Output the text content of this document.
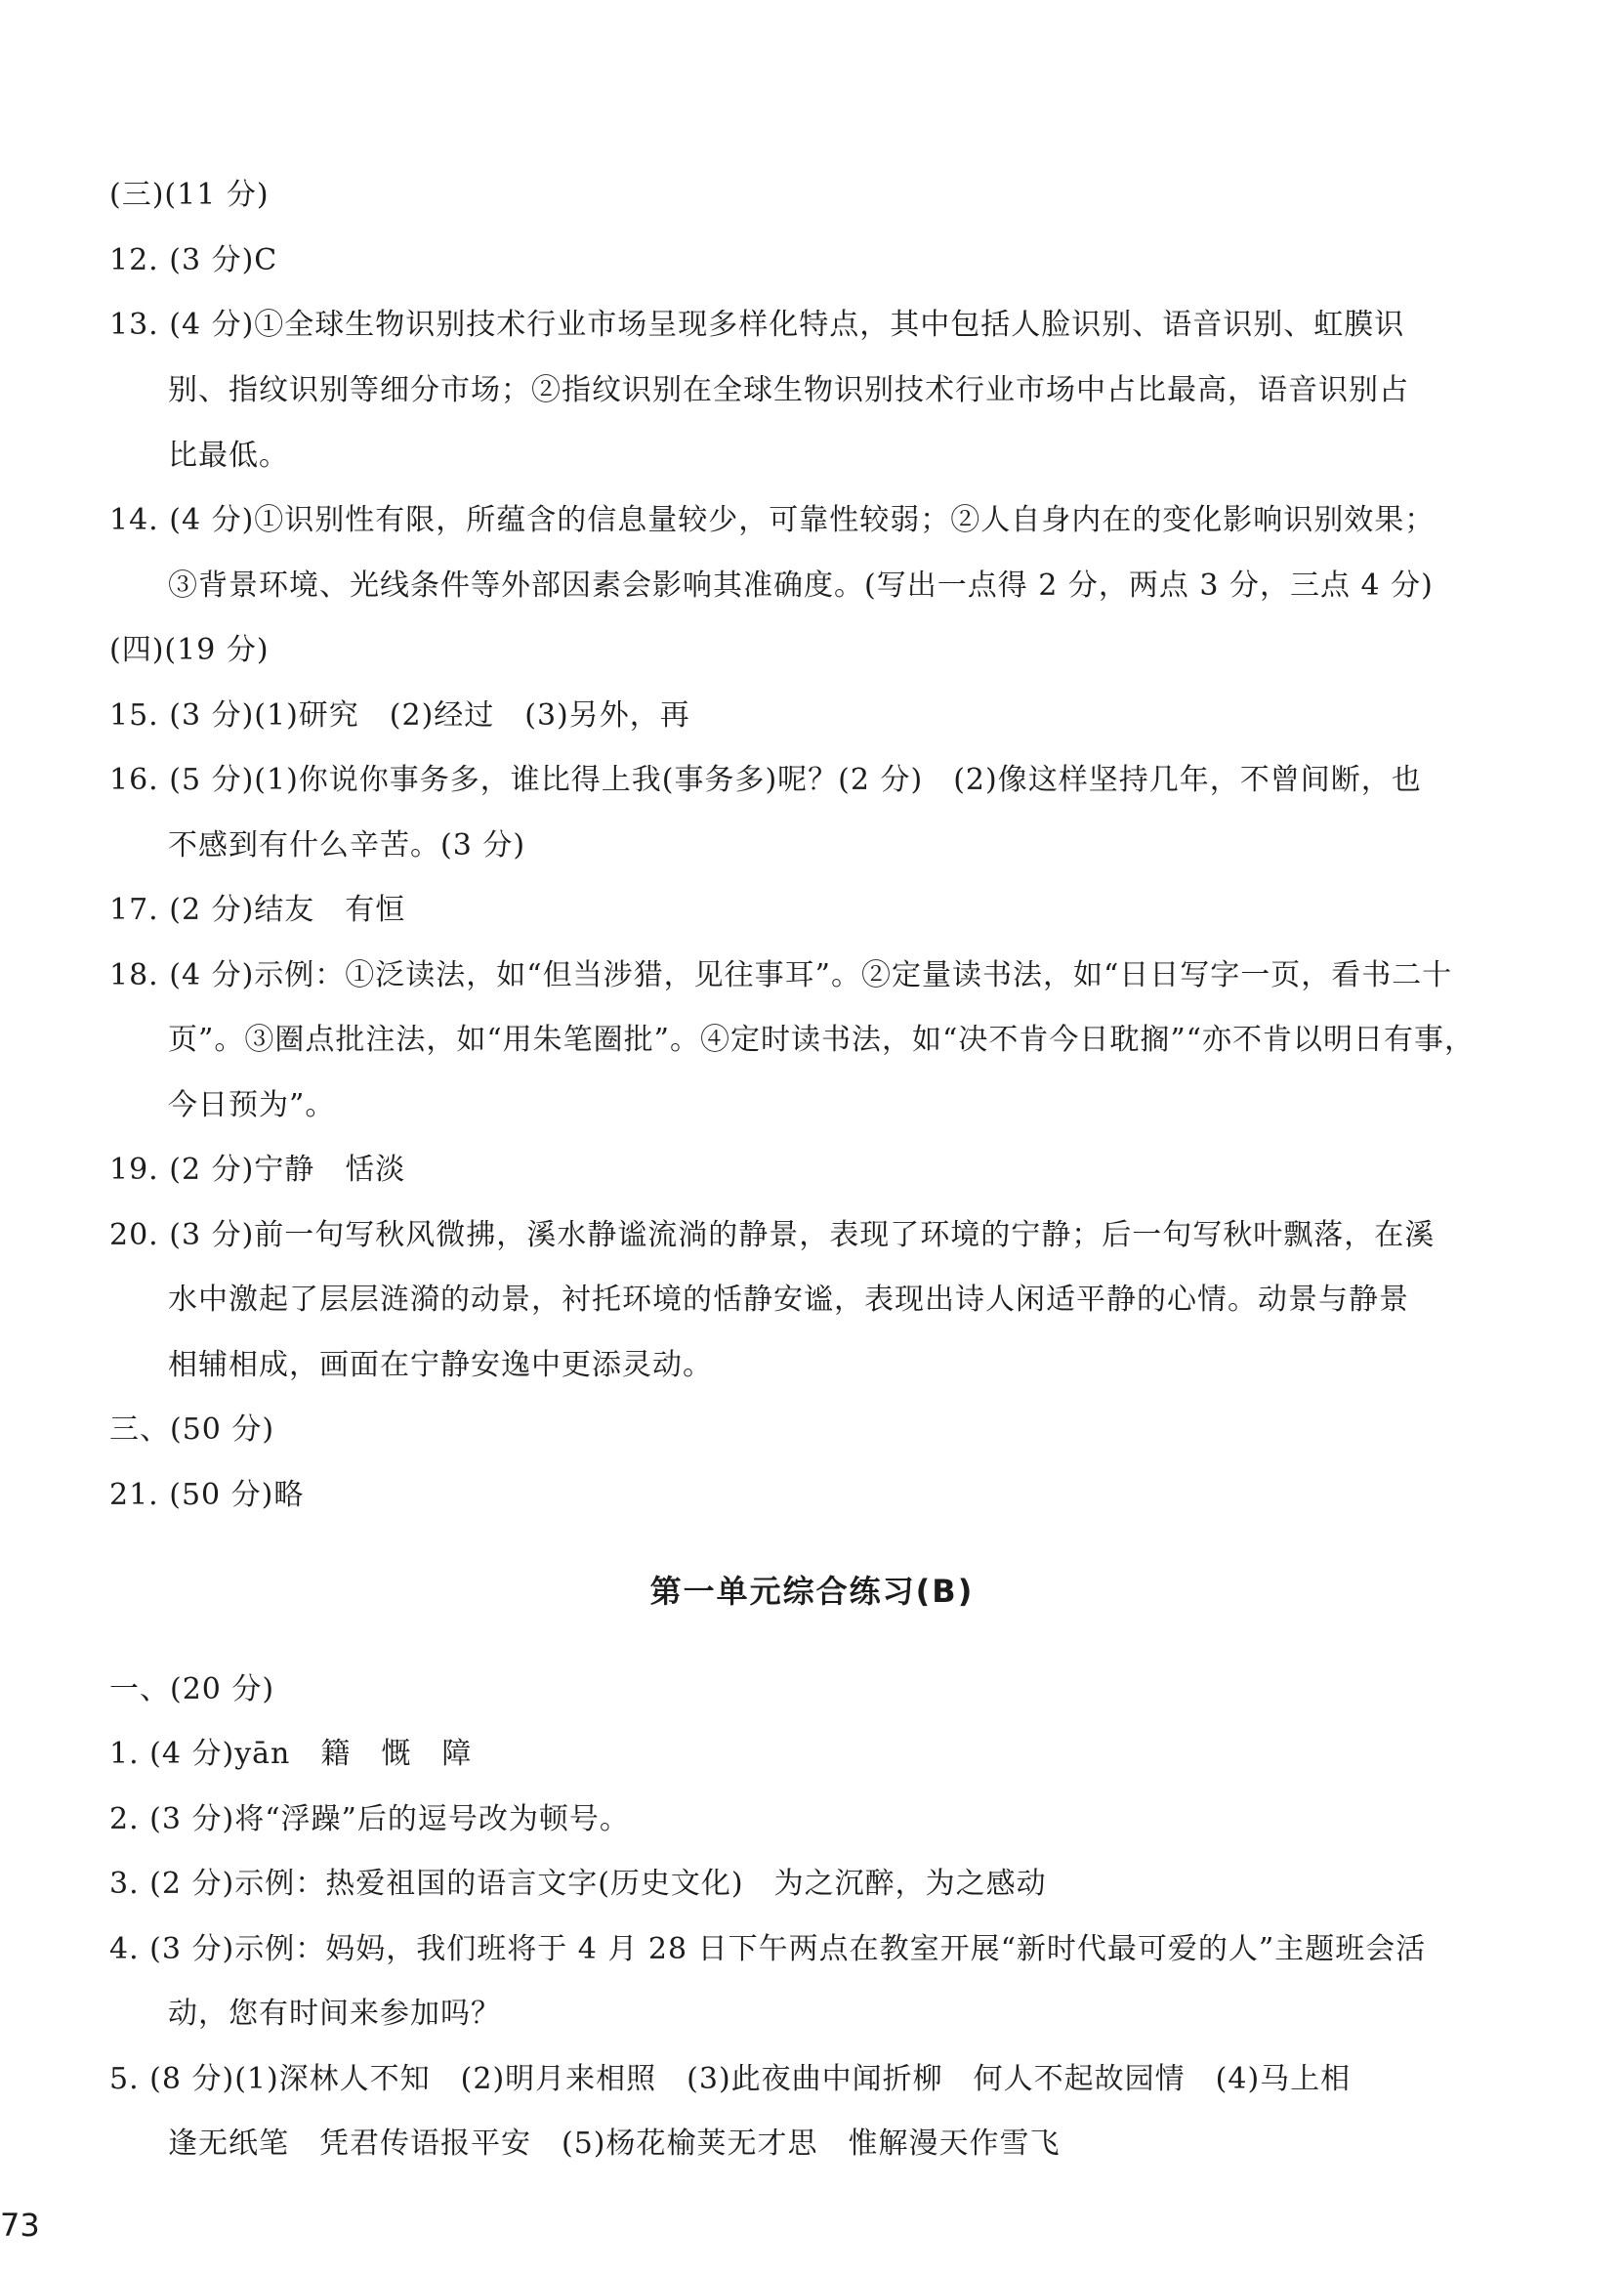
(三)(11 分)
12. (3 分)C
13. (4 分)①全球生物识别技术行业市场呈现多样化特点，其中包括人脸识别、语音识别、虹膜识
别、指纹识别等细分市场；②指纹识别在全球生物识别技术行业市场中占比最高，语音识别占
比最低。
14. (4 分)①识别性有限，所蕴含的信息量较少，可靠性较弱；②人自身内在的变化影响识别效果；
③背景环境、光线条件等外部因素会影响其准确度。(写出一点得 2 分，两点 3 分，三点 4 分)
(四)(19 分)
15. (3 分)(1)研究　(2)经过　(3)另外，再
16. (5 分)(1)你说你事务多，谁比得上我(事务多)呢？(2 分)　(2)像这样坚持几年，不曾间断，也
不感到有什么辛苦。(3 分)
17. (2 分)结友　有恒
18. (4 分)示例：①泛读法，如“但当涉猎，见往事耳”。②定量读书法，如“日日写字一页，看书二十
页”。③圈点批注法，如“用朱笔圈批”。④定时读书法，如“决不肯今日耽搁”“亦不肯以明日有事，
今日预为”。
19. (2 分)宁静　恬淡
20. (3 分)前一句写秋风微拂，溪水静谧流淌的静景，表现了环境的宁静；后一句写秋叶飘落，在溪
水中激起了层层涟漪的动景，衬托环境的恬静安谧，表现出诗人闲适平静的心情。动景与静景
相辅相成，画面在宁静安逸中更添灵动。
三、(50 分)
21. (50 分)略
第一单元综合练习(B)
一、(20 分)
1. (4 分)yān　籍　慨　障
2. (3 分)将“浮躁”后的逗号改为顿号。
3. (2 分)示例：热爱祖国的语言文字(历史文化)　为之沉醉，为之感动
4. (3 分)示例：妈妈，我们班将于 4 月 28 日下午两点在教室开展“新时代最可爱的人”主题班会活
动，您有时间来参加吗？
5. (8 分)(1)深林人不知　(2)明月来相照　(3)此夜曲中闻折柳　何人不起故园情　(4)马上相
逢无纸笔　凭君传语报平安　(5)杨花榆荚无才思　惟解漫天作雪飞
73
